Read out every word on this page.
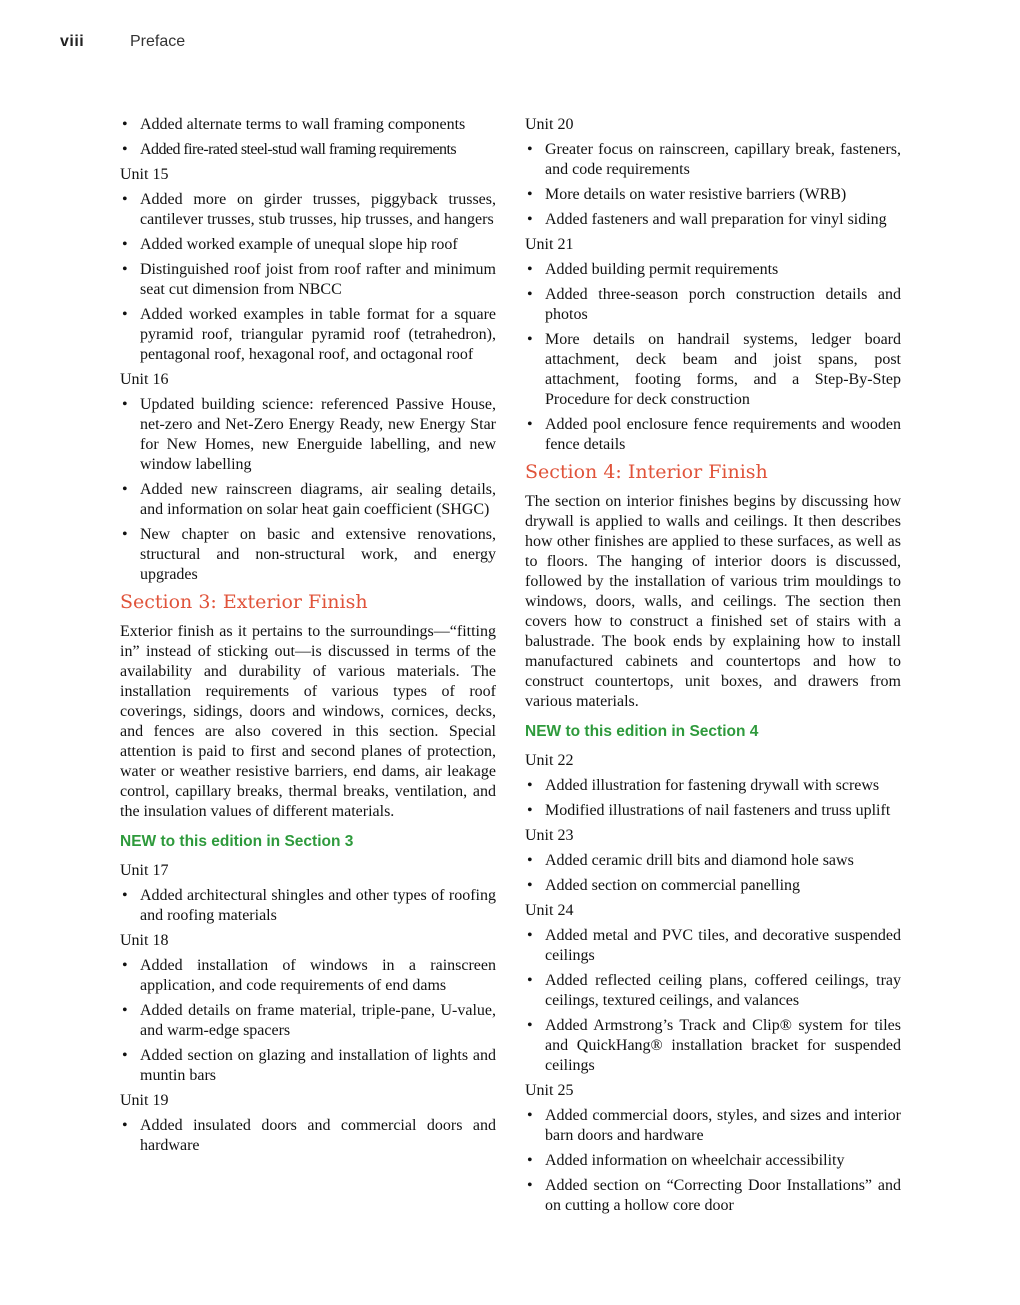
viii	Preface
• Added alternate terms to wall framing components
• Added fire-rated steel-stud wall framing requirements
Unit 15
• Added more on girder trusses, piggyback trusses, cantilever trusses, stub trusses, hip trusses, and hangers
• Added worked example of unequal slope hip roof
• Distinguished roof joist from roof rafter and minimum seat cut dimension from NBCC
• Added worked examples in table format for a square pyramid roof, triangular pyramid roof (tetrahedron), pentagonal roof, hexagonal roof, and octagonal roof
Unit 16
• Updated building science: referenced Passive House, net-zero and Net-Zero Energy Ready, new Energy Star for New Homes, new Energuide labelling, and new window labelling
• Added new rainscreen diagrams, air sealing details, and information on solar heat gain coefficient (SHGC)
• New chapter on basic and extensive renovations, structural and non-structural work, and energy upgrades
Section 3: Exterior Finish

Exterior finish as it pertains to the surroundings—“fitting in” instead of sticking out—is discussed in terms of the availability and durability of various materials. The installation requirements of various types of roof coverings, sidings, doors and windows, cornices, decks, and fences are also covered in this section. Special attention is paid to first and second planes of protection, water or weather resistive barriers, end dams, air leakage control, capillary breaks, thermal breaks, ventilation, and the insulation values of different materials.

NEW to this edition in Section 3
Unit 17
• Added architectural shingles and other types of roofing and roofing materials
Unit 18
• Added installation of windows in a rainscreen application, and code requirements of end dams
• Added details on frame material, triple-pane, U-value, and warm-edge spacers
• Added section on glazing and installation of lights and muntin bars
Unit 19
• Added insulated doors and commercial doors and hardware
Unit 20
• Greater focus on rainscreen, capillary break, fasteners, and code requirements
• More details on water resistive barriers (WRB)
• Added fasteners and wall preparation for vinyl siding
Unit 21
• Added building permit requirements
• Added three-season porch construction details and photos
• More details on handrail systems, ledger board attachment, deck beam and joist spans, post attachment, footing forms, and a Step-By-Step Procedure for deck construction
• Added pool enclosure fence requirements and wooden fence details
Section 4: Interior Finish

The section on interior finishes begins by discussing how drywall is applied to walls and ceilings. It then describes how other finishes are applied to these surfaces, as well as to floors. The hanging of interior doors is discussed, followed by the installation of various trim mouldings to windows, doors, walls, and ceilings. The section then covers how to construct a finished set of stairs with a balustrade. The book ends by explaining how to install manufactured cabinets and countertops and how to construct countertops, unit boxes, and drawers from various materials.

NEW to this edition in Section 4
Unit 22
• Added illustration for fastening drywall with screws
• Modified illustrations of nail fasteners and truss uplift
Unit 23
• Added ceramic drill bits and diamond hole saws
• Added section on commercial panelling
Unit 24
• Added metal and PVC tiles, and decorative suspended ceilings
• Added reflected ceiling plans, coffered ceilings, tray ceilings, textured ceilings, and valances
• Added Armstrong’s Track and Clip® system for tiles and QuickHang® installation bracket for suspended ceilings
Unit 25
• Added commercial doors, styles, and sizes and interior barn doors and hardware
• Added information on wheelchair accessibility
• Added section on “Correcting Door Installations” and on cutting a hollow core door
